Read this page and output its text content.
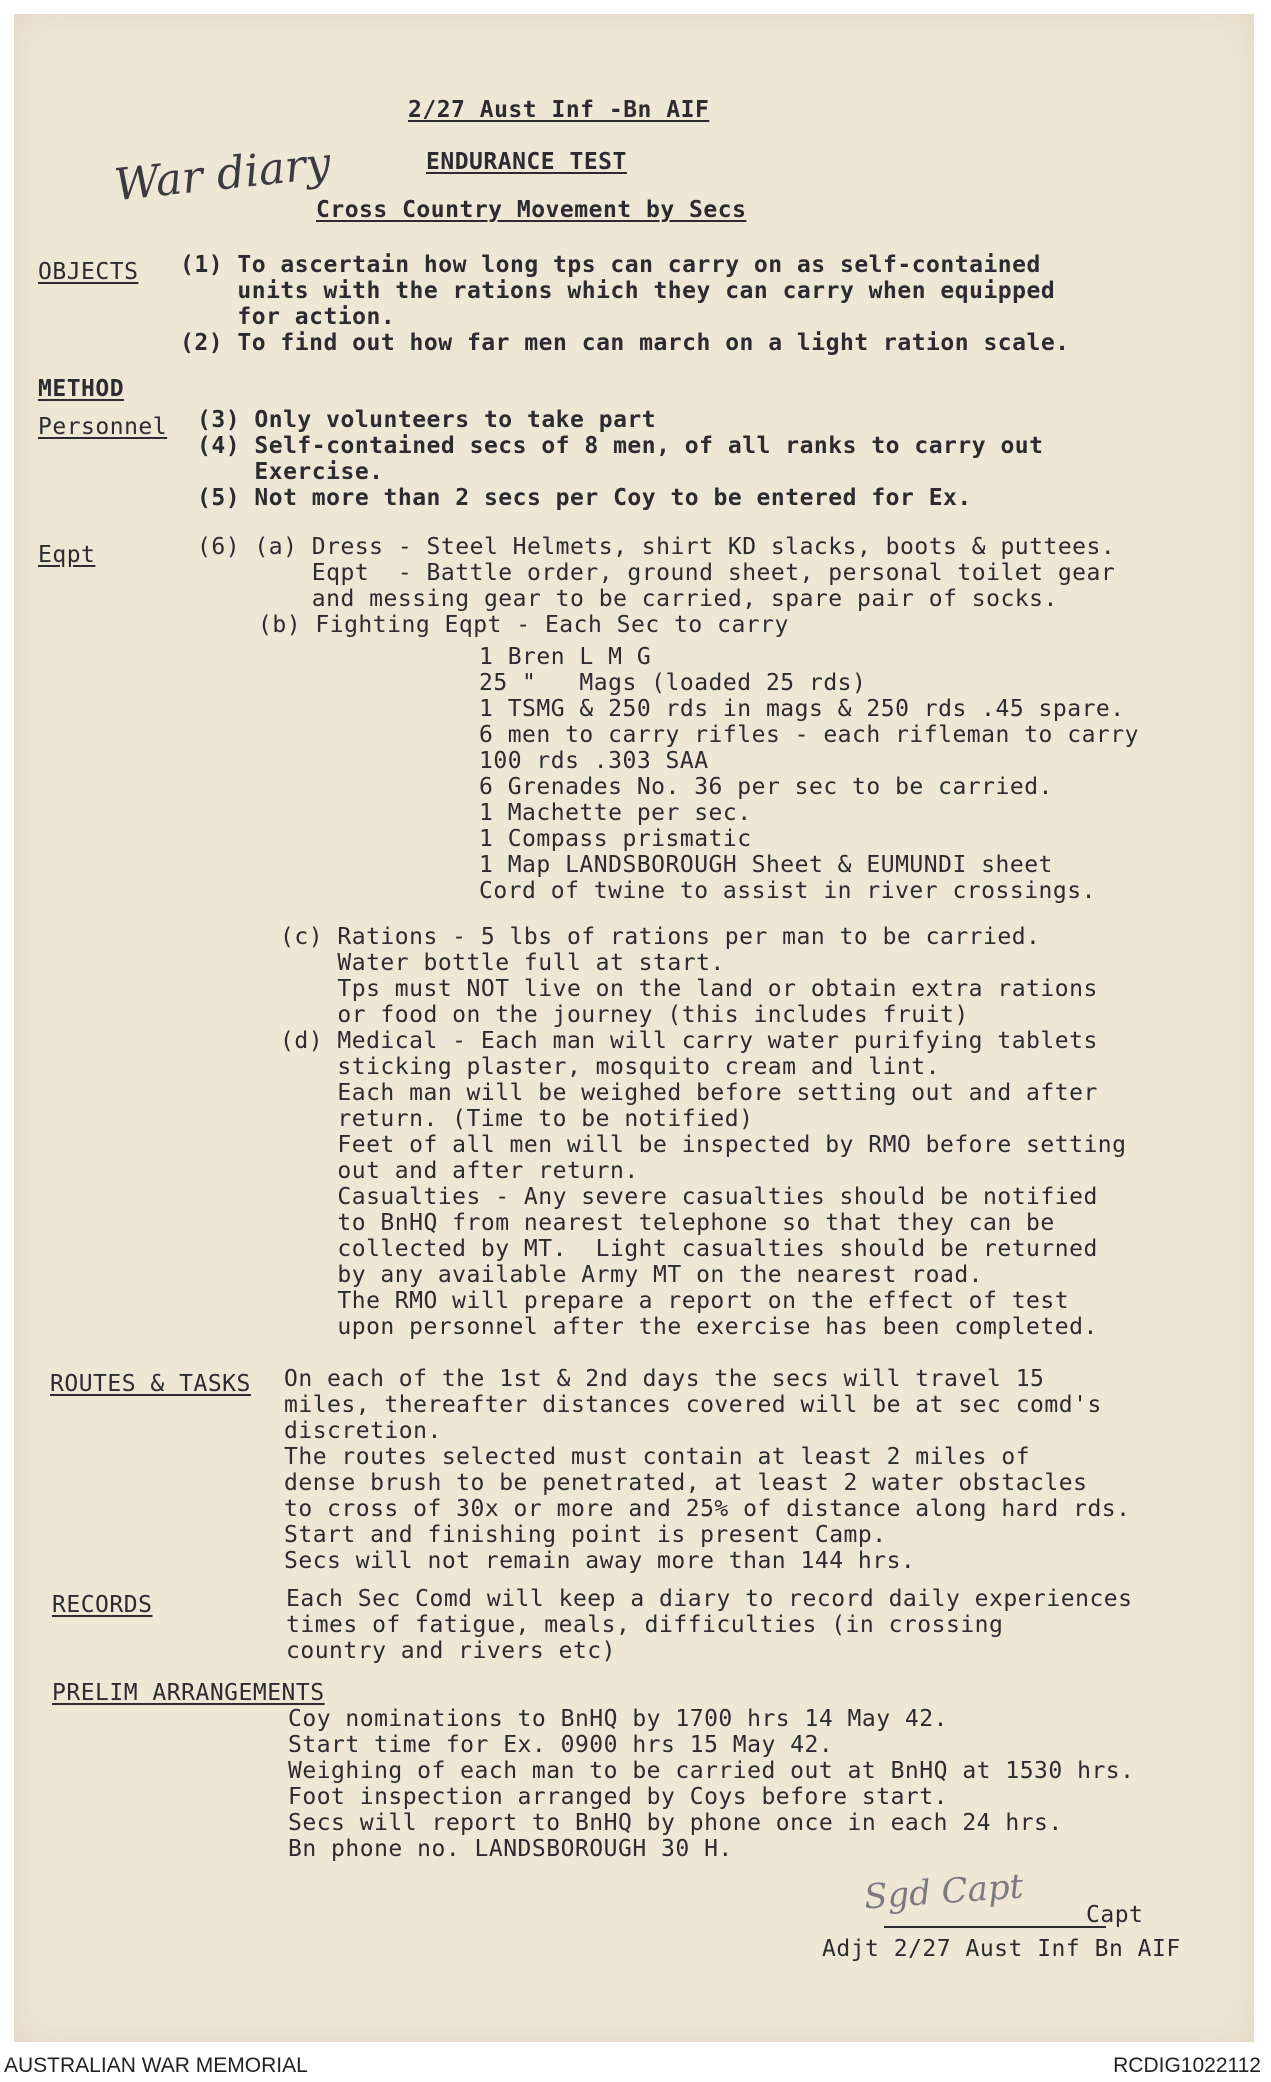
2/27 Aust Inf -Bn AIF
ENDURANCE TEST
Cross Country Movement by Secs
War diary
OBJECTS (1) To ascertain how long tps can carry on as self-contained
units with the rations which they can carry when equipped
for action.
(2) To find out how far men can march on a light ration scale.
METHOD
Personnel (3) Only volunteers to take part
(4) Self-contained secs of 8 men, of all ranks to carry out
Exercise.
(5) Not more than 2 secs per Coy to be entered for Ex.
Eqpt	(6) (a) Dress - Steel Helmets, shirt KD slacks, boots & puttees.
Eqpt  - Battle order, ground sheet, personal toilet gear
and messing gear to be carried, spare pair of socks.
(b) Fighting Eqpt - Each Sec to carry
1 Bren L M G
25 "   Mags (loaded 25 rds)
1 TSMG & 250 rds in mags & 250 rds .45 spare.
6 men to carry rifles - each rifleman to carry
100 rds .303 SAA
6 Grenades No. 36 per sec to be carried.
1 Machette per sec.
1 Compass prismatic
1 Map LANDSBOROUGH Sheet & EUMUNDI sheet
Cord of twine to assist in river crossings.
(c) Rations - 5 lbs of rations per man to be carried.
Water bottle full at start.
Tps must NOT live on the land or obtain extra rations
or food on the journey (this includes fruit)
(d) Medical - Each man will carry water purifying tablets
sticking plaster, mosquito cream and lint.
Each man will be weighed before setting out and after
return. (Time to be notified)
Feet of all men will be inspected by RMO before setting
out and after return.
Casualties - Any severe casualties should be notified
to BnHQ from nearest telephone so that they can be
collected by MT.  Light casualties should be returned
by any available Army MT on the nearest road.
The RMO will prepare a report on the effect of test
upon personnel after the exercise has been completed.
ROUTES & TASKS On each of the 1st & 2nd days the secs will travel 15
miles, thereafter distances covered will be at sec comd's
discretion.
The routes selected must contain at least 2 miles of
dense brush to be penetrated, at least 2 water obstacles
to cross of 30x or more and 25% of distance along hard rds.
Start and finishing point is present Camp.
Secs will not remain away more than 144 hrs.
RECORDS	Each Sec Comd will keep a diary to record daily experiences
times of fatigue, meals, difficulties (in crossing
country and rivers etc)
PRELIM ARRANGEMENTS
Coy nominations to BnHQ by 1700 hrs 14 May 42.
Start time for Ex. 0900 hrs 15 May 42.
Weighing of each man to be carried out at BnHQ at 1530 hrs.
Foot inspection arranged by Coys before start.
Secs will report to BnHQ by phone once in each 24 hrs.
Bn phone no. LANDSBOROUGH 30 H.
Sgd Capt	Capt
Adjt 2/27 Aust Inf Bn AIF
AUSTRALIAN WAR MEMORIAL	RCDIG1022112
